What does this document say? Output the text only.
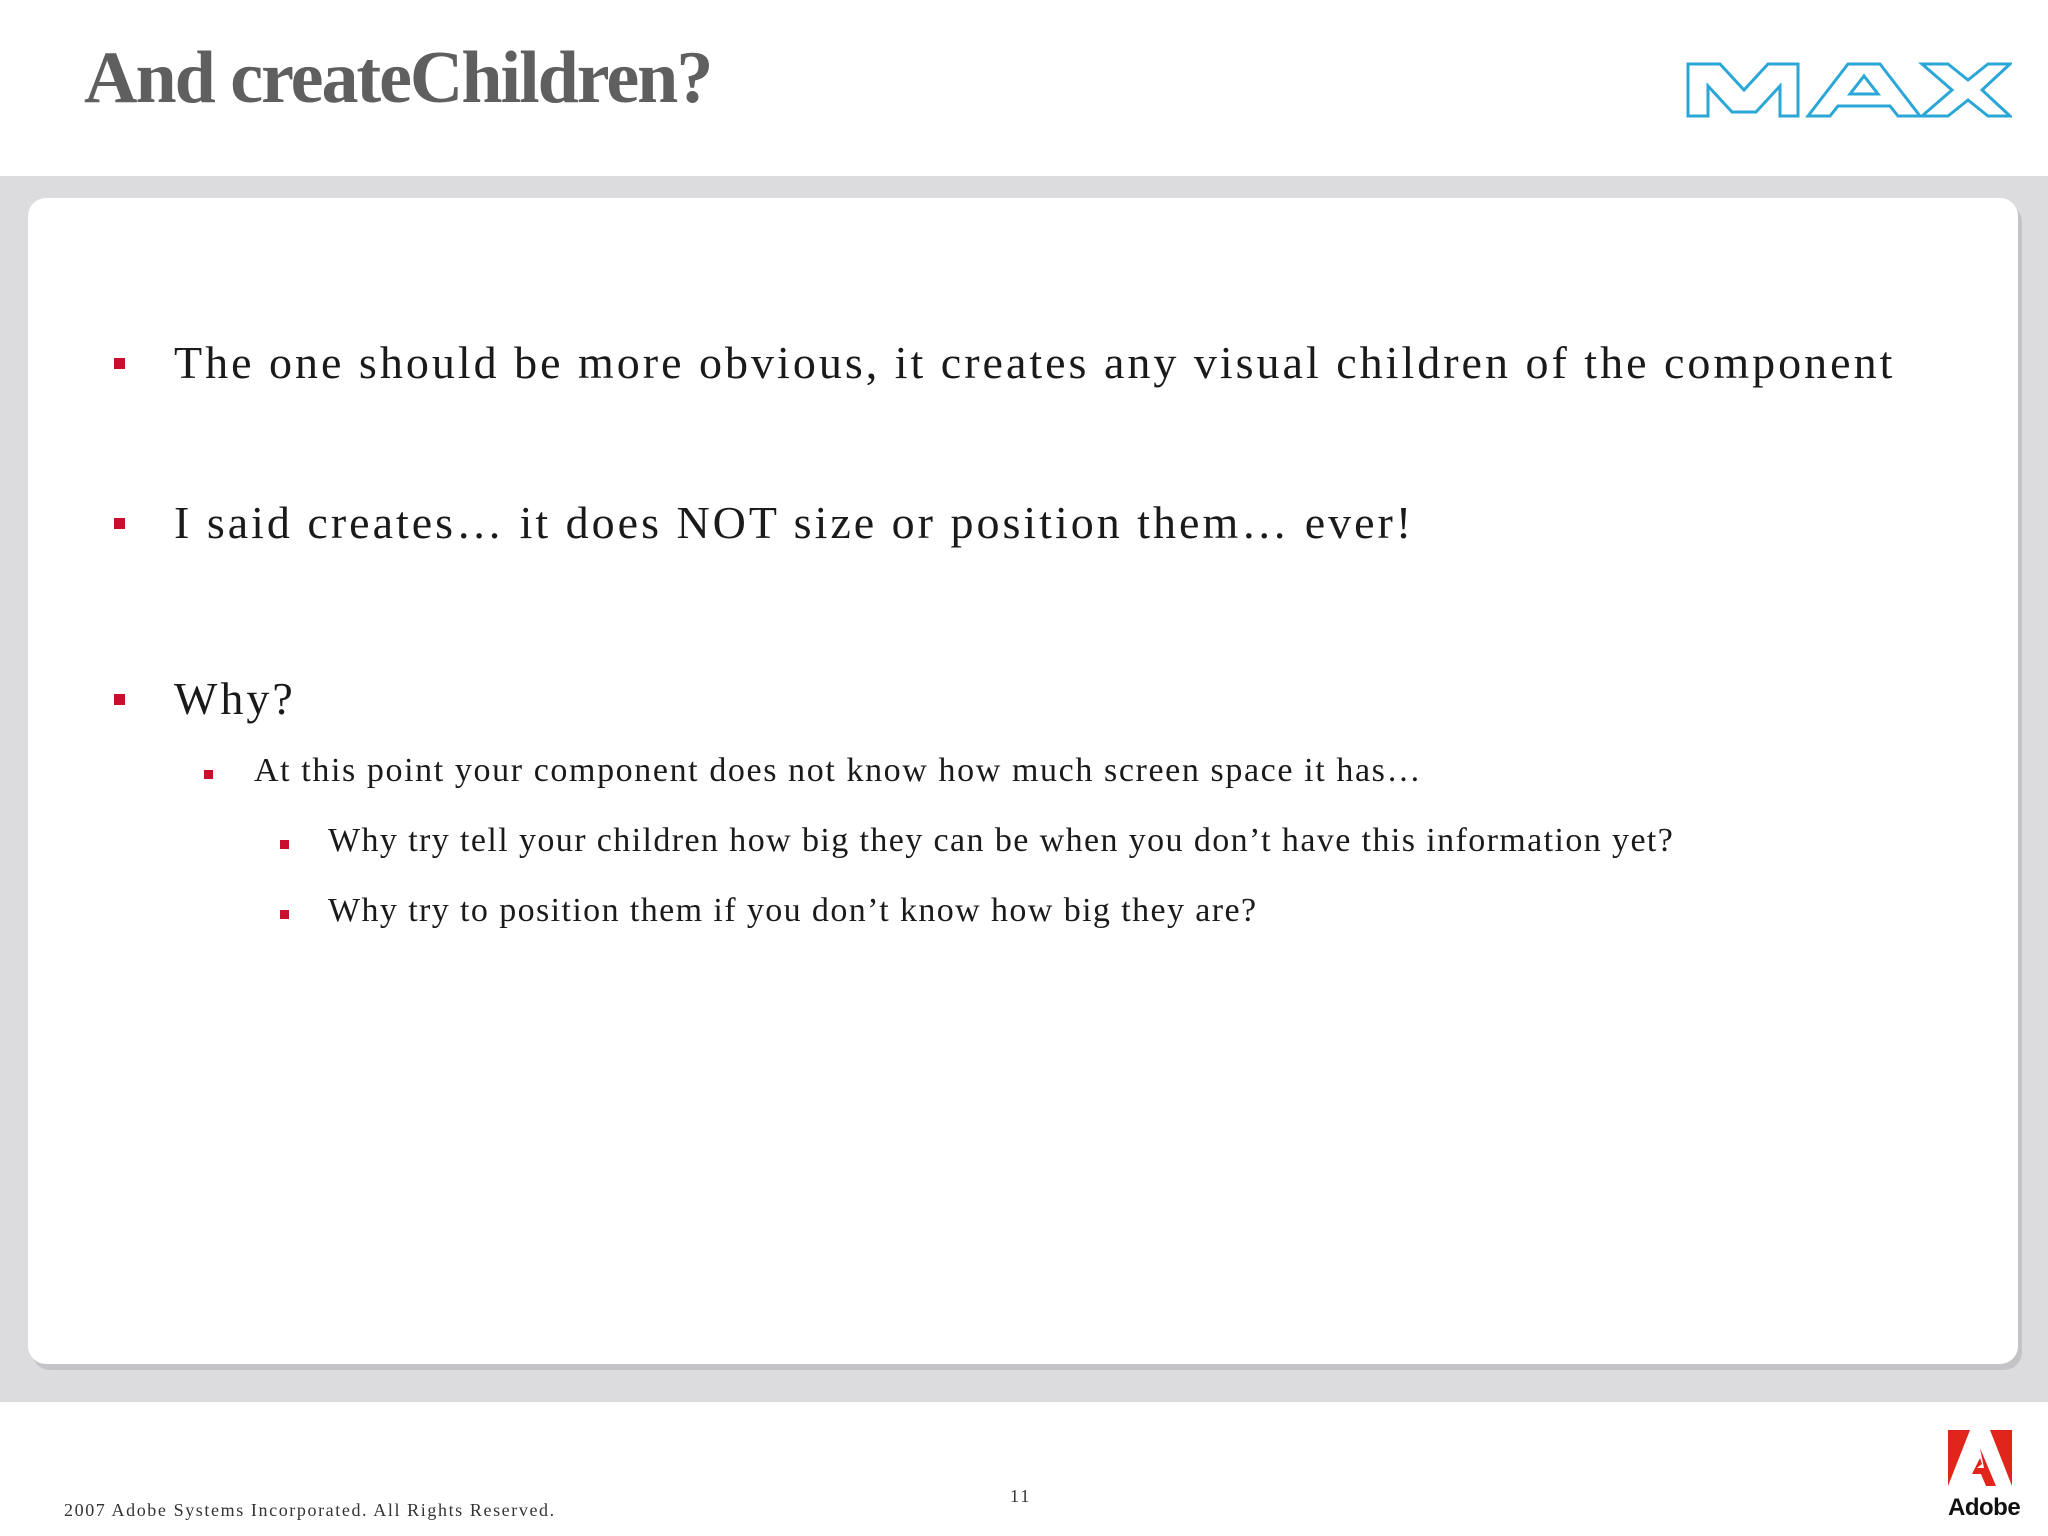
And createChildren?
The one should be more obvious, it creates any visual children of the component
I said creates… it does NOT size or position them… ever!
Why?
At this point your component does not know how much screen space it has…
Why try tell your children how big they can be when you don’t have this information yet?
Why try to position them if you don’t know how big they are?
2007 Adobe Systems Incorporated. All Rights Reserved.
11	Adobe
